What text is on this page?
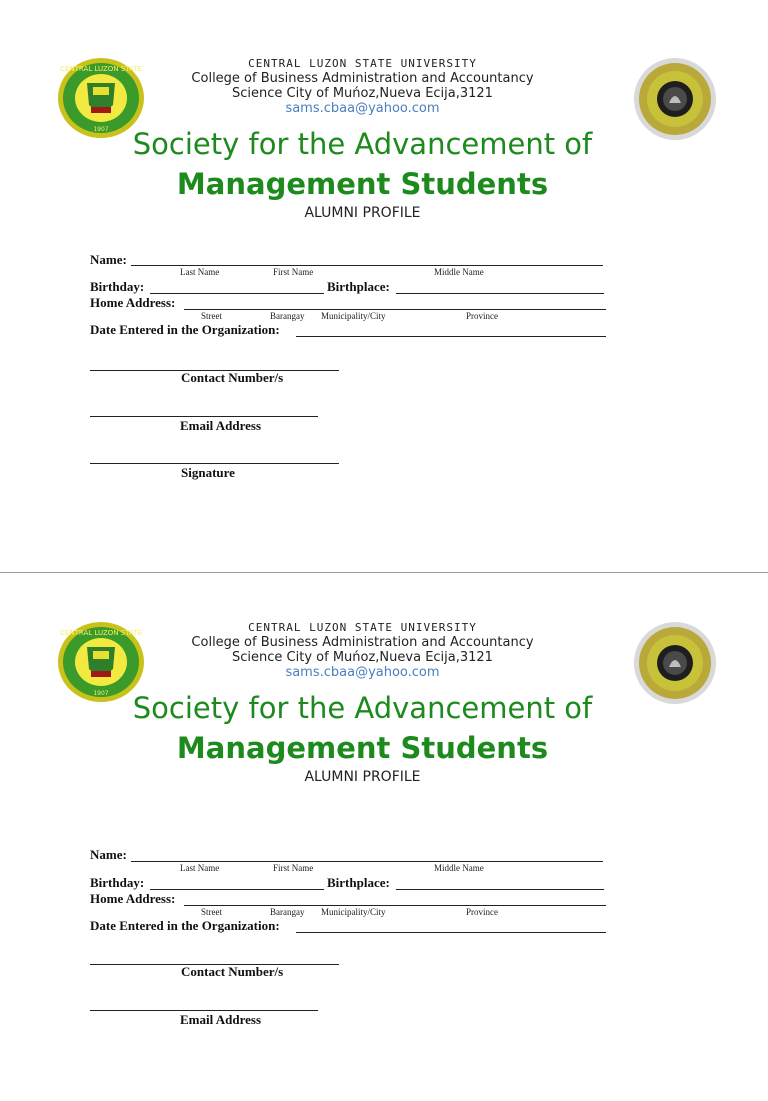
CENTRAL LUZON STATE
1907
CENTRAL LUZON STATE UNIVERSITY
College of Business Administration and Accountancy
Science City of Muńoz,Nueva Ecija,3121
sams.cbaa@yahoo.com
Society for the Advancement of
Management Students
ALUMNI PROFILE
Name:
Last Name	First Name	Middle Name
Birthday:	Birthplace:
Home Address:
Street	Barangay Municipality/City	Province
Date Entered in the Organization:
Contact Number/s
Email Address
Signature
CENTRAL LUZON STATE
1907
CENTRAL LUZON STATE UNIVERSITY
College of Business Administration and Accountancy
Science City of Muńoz,Nueva Ecija,3121
sams.cbaa@yahoo.com
Society for the Advancement of
Management Students
ALUMNI PROFILE
Name:
Last Name	First Name	Middle Name
Birthday:	Birthplace:
Home Address:
Street	Barangay Municipality/City	Province
Date Entered in the Organization:
Contact Number/s
Email Address
